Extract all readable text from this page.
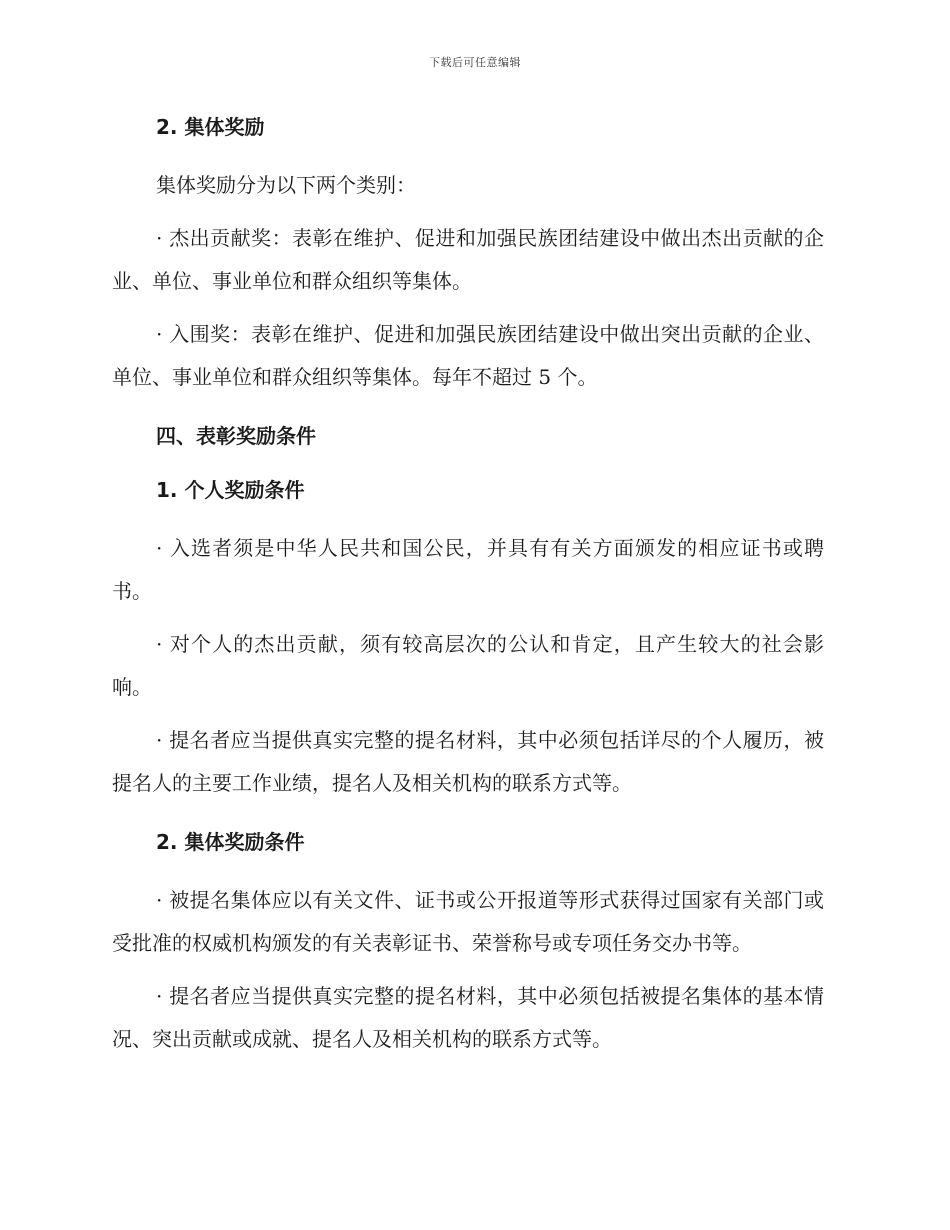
下载后可任意编辑

2. 集体奖励

集体奖励分为以下两个类别：

· 杰出贡献奖：表彰在维护、促进和加强民族团结建设中做出杰出贡献的企业、单位、事业单位和群众组织等集体。

· 入围奖：表彰在维护、促进和加强民族团结建设中做出突出贡献的企业、单位、事业单位和群众组织等集体。每年不超过 5 个。

四、表彰奖励条件

1. 个人奖励条件

· 入选者须是中华人民共和国公民，并具有有关方面颁发的相应证书或聘书。

· 对个人的杰出贡献，须有较高层次的公认和肯定，且产生较大的社会影响。

· 提名者应当提供真实完整的提名材料，其中必须包括详尽的个人履历，被提名人的主要工作业绩，提名人及相关机构的联系方式等。

2. 集体奖励条件

· 被提名集体应以有关文件、证书或公开报道等形式获得过国家有关部门或受批准的权威机构颁发的有关表彰证书、荣誉称号或专项任务交办书等。

· 提名者应当提供真实完整的提名材料，其中必须包括被提名集体的基本情况、突出贡献或成就、提名人及相关机构的联系方式等。
